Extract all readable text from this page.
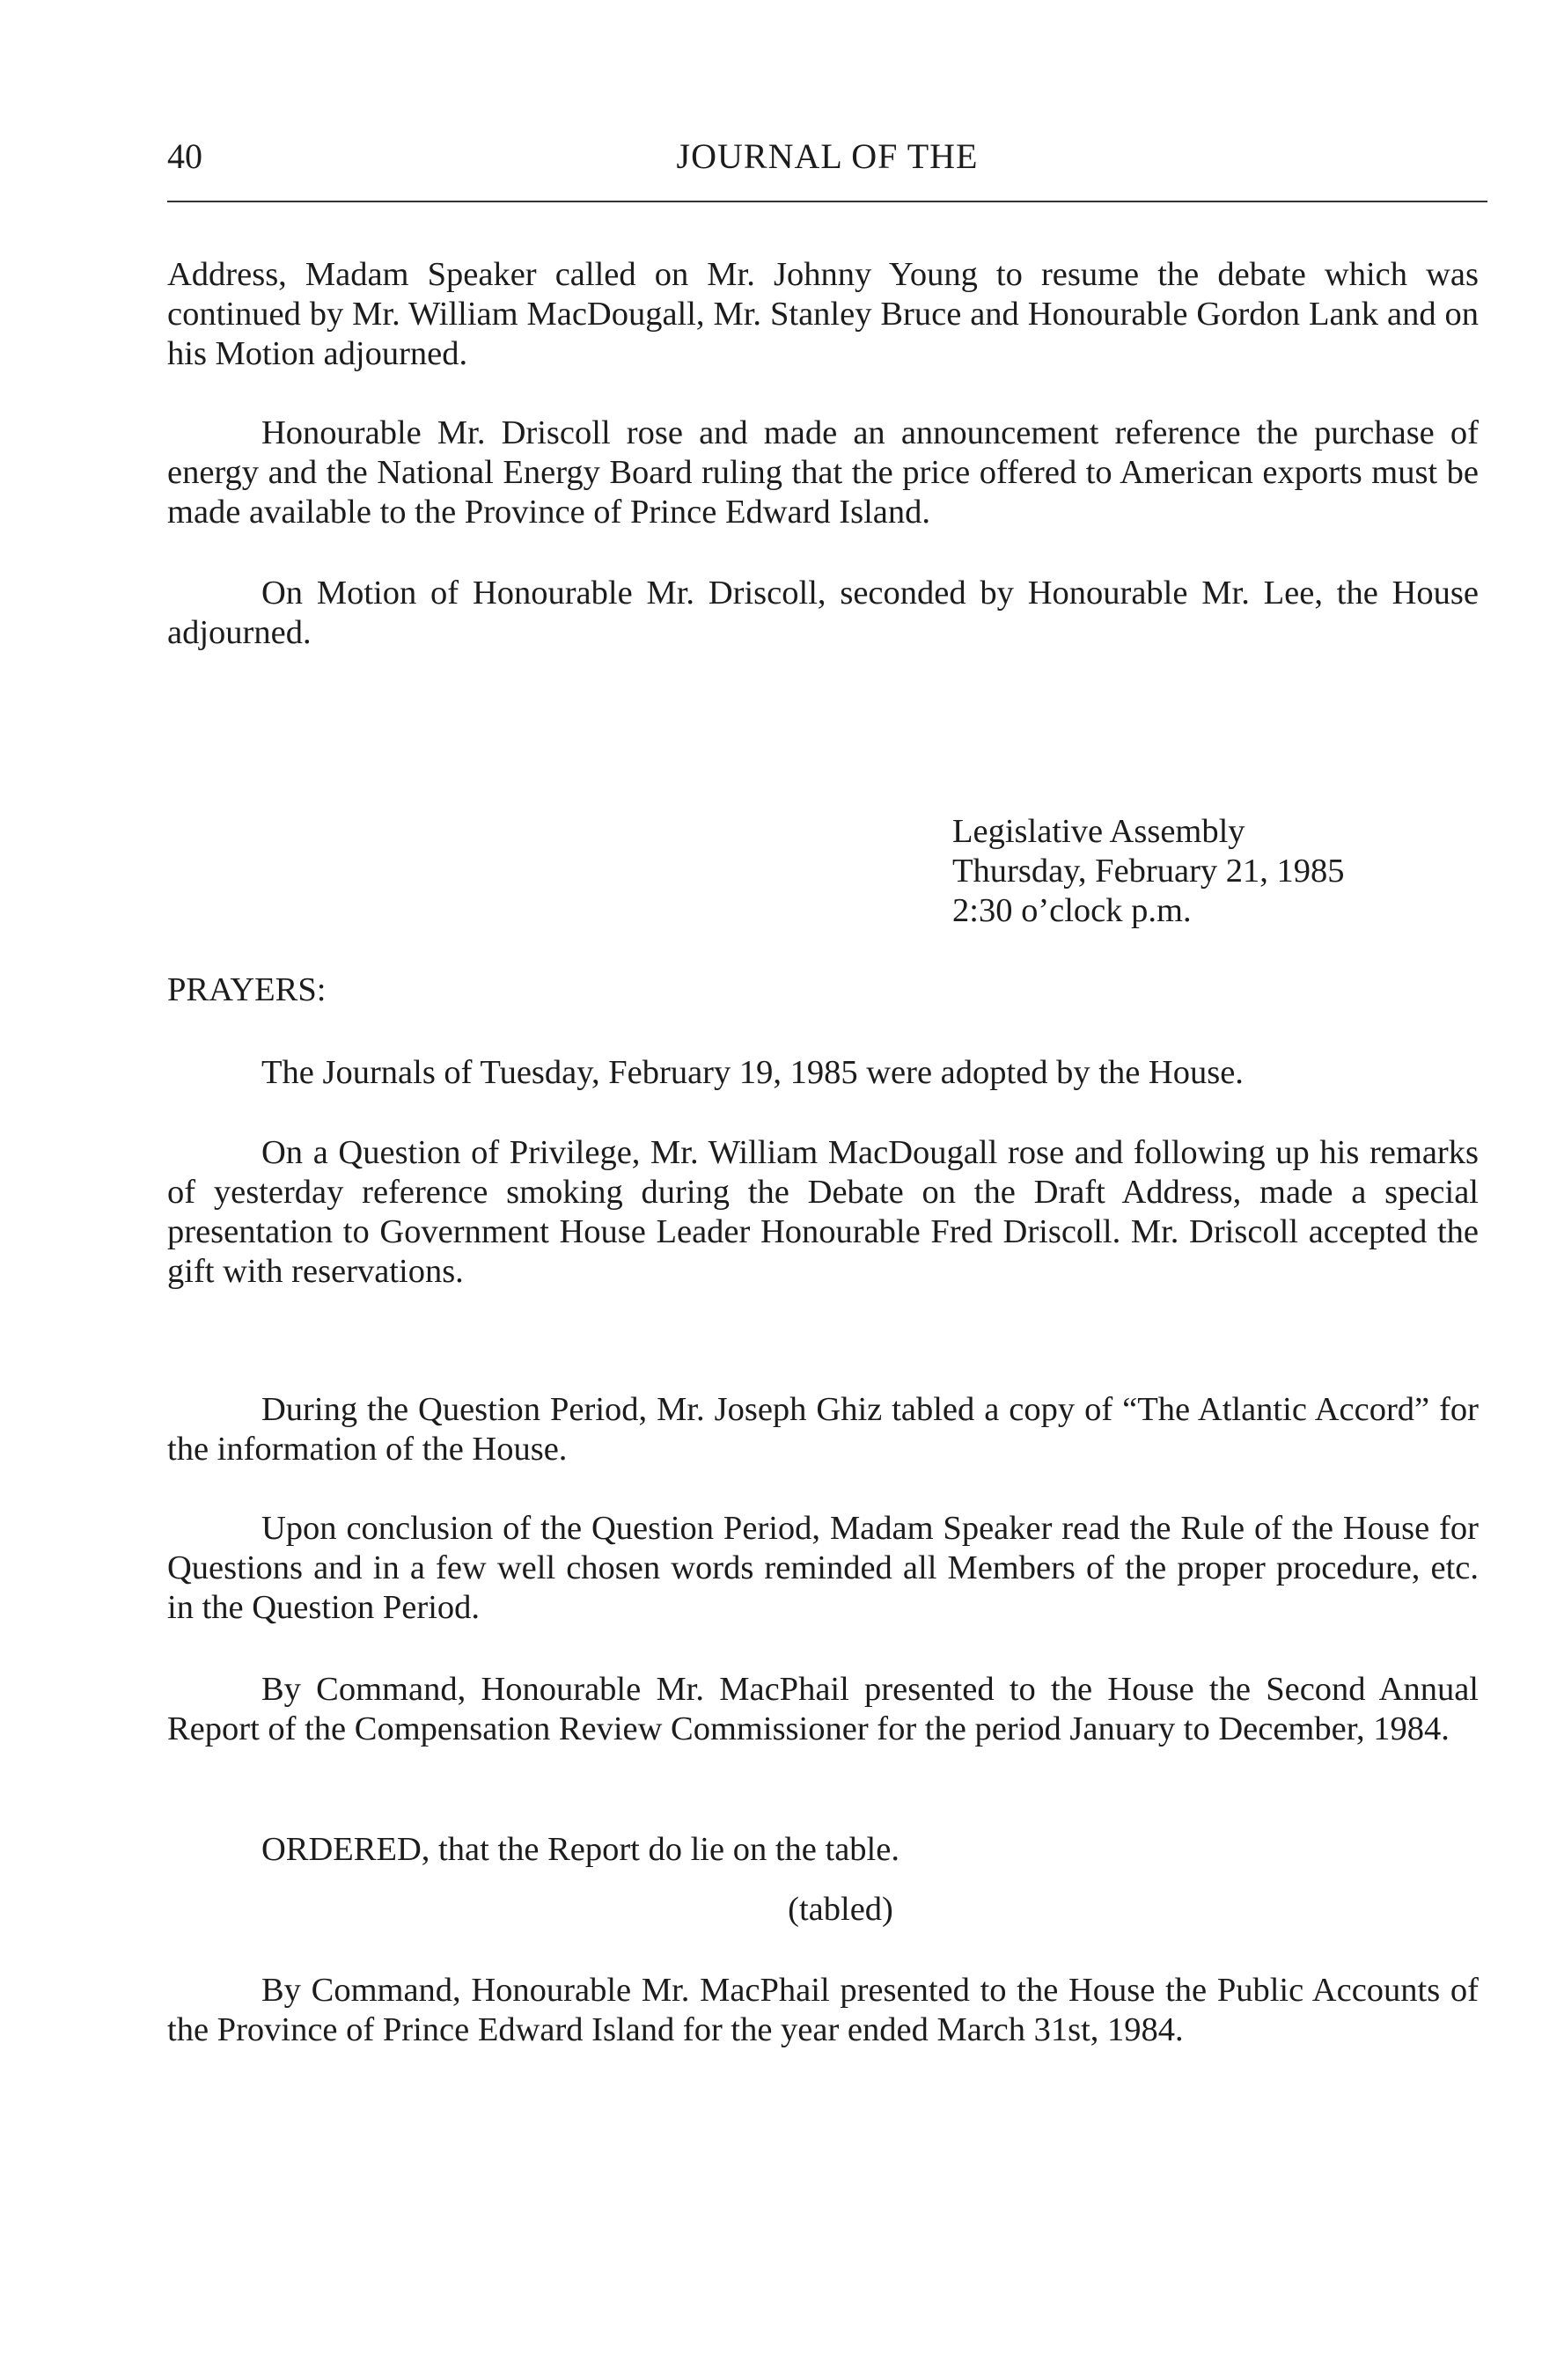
40	JOURNAL OF THE

Address, Madam Speaker called on Mr. Johnny Young to resume the debate which was continued by Mr. William MacDougall, Mr. Stanley Bruce and Honourable Gordon Lank and on his Motion adjourned.

Honourable Mr. Driscoll rose and made an announcement reference the purchase of energy and the National Energy Board ruling that the price offered to American exports must be made available to the Province of Prince Edward Island.

On Motion of Honourable Mr. Driscoll, seconded by Honourable Mr. Lee, the House adjourned.

Legislative Assembly
Thursday, February 21, 1985
2:30 o’clock p.m.
PRAYERS:

The Journals of Tuesday, February 19, 1985 were adopted by the House.

On a Question of Privilege, Mr. William MacDougall rose and following up his remarks of yesterday reference smoking during the Debate on the Draft Address, made a special presentation to Government House Leader Honourable Fred Driscoll. Mr. Driscoll accepted the gift with reservations.

During the Question Period, Mr. Joseph Ghiz tabled a copy of “The Atlantic Accord” for the information of the House.

Upon conclusion of the Question Period, Madam Speaker read the Rule of the House for Questions and in a few well chosen words reminded all Members of the proper procedure, etc. in the Question Period.

By Command, Honourable Mr. MacPhail presented to the House the Second Annual Report of the Compensation Review Commissioner for the period January to December, 1984.

ORDERED, that the Report do lie on the table.

(tabled)

By Command, Honourable Mr. MacPhail presented to the House the Public Accounts of the Province of Prince Edward Island for the year ended March 31st, 1984.
